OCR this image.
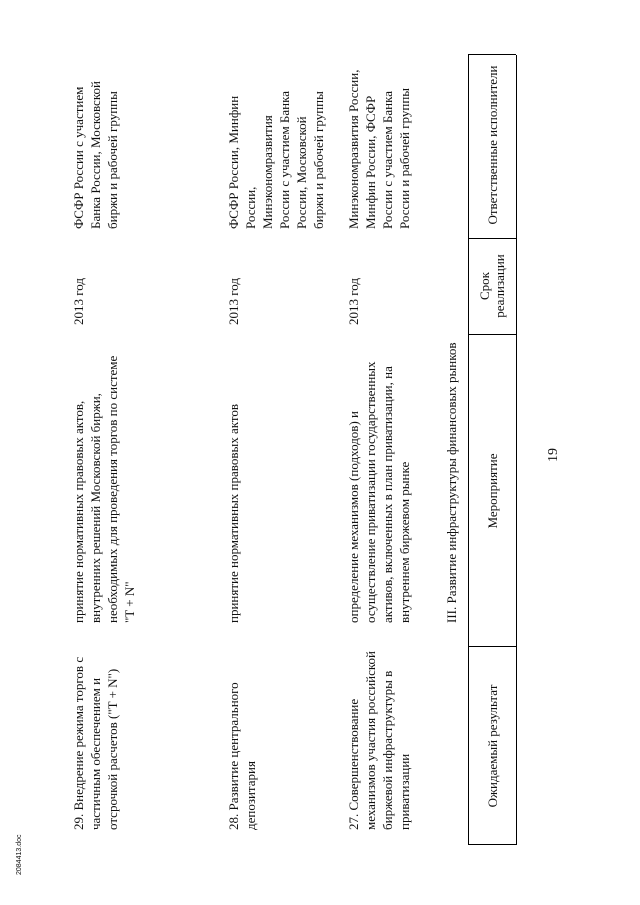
19
Ожидаемый результат
Мероприятие
Срок реализации
Ответственные исполнители
III. Развитие инфраструктуры финансовых рынков
27. Совершенствование механизмов участия российской биржевой инфраструктуры в приватизации
определение механизмов (подходов) и осуществление приватизации государственных активов, включенных в план приватизации, на внутреннем биржевом рынке
2013 год
Минэкономразвития России, Минфин России, ФСФР России с участием Банка России и рабочей группы
28. Развитие центрального депозитария
принятие нормативных правовых актов
2013 год
ФСФР России, Минфин России, Минэкономразвития России с участием Банка России, Московской биржи и рабочей группы
29. Внедрение режима торгов с частичным обеспечением и отсрочкой расчетов ("T + N")
принятие нормативных правовых актов, внутренних решений Московской биржи, необходимых для проведения торгов по системе "T + N"
2013 год
ФСФР России с участием Банка России, Московской биржи и рабочей группы
2084413.doc
